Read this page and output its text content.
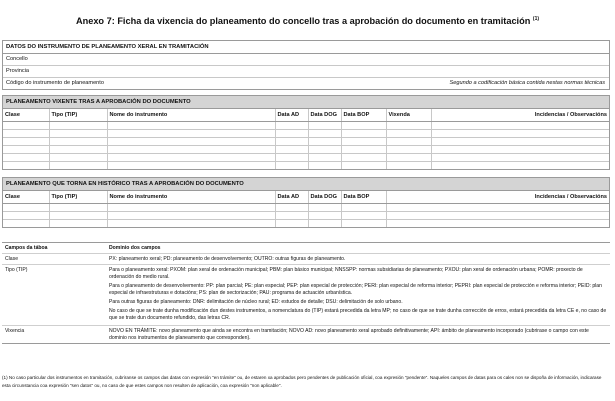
Anexo 7: Ficha da vixencia do planeamento do concello tras a aprobación do documento en tramitación $^{(1)}$
DATOS DO INSTRUMENTO DE PLANEAMENTO XERAL EN TRAMITACIÓN
Concello
Provincia
Código do instrumento de planeamento	Segundo a codificación básica contida nestas normas técnicas
PLANEAMENTO VIXENTE TRAS A APROBACIÓN DO DOCUMENTO
Clase	Tipo (TIP)	Nome do instrumento	Data AD	Data DOG	Data BOP	Vixenda	Incidencias / Observacións

PLANEAMENTO QUE TORNA EN HISTÓRICO TRAS A APROBACIÓN DO DOCUMENTO
Clase	Tipo (TIP)	Nome do instrumento	Data AD	Data DOG	Data BOP	Incidencias / Observacións

Campos da táboa	Dominio dos campos
Clase	PX: planeamento xeral; PD: planeamento de desenvolvemento; OUTRO: outras figuras de planeamento.
Tipo (TIP)	Para o planeamento xeral: PXOM: plan xeral de ordenación municipal; PBM: plan básico municipal; NNSSPP: normas subsidiarias de planeamento; PXOU: plan xeral de ordenación urbana; POMR: proxecto de ordenación do medio rural.

Para o planeamento de desenvolvemento: PP: plan parcial; PE: plan especial; PEP: plan especial de protección; PERI: plan especial de reforma interior; PEPRI: plan especial de protección e reforma interior; PEID: plan especial de infraestruturas e dotacións; PS: plan de sectorización; PAU: programa de actuación urbanística.

Para outras figuras de planeamento: DNR: delimitación de núcleo rural; ED: estudos de detalle; DSU: delimitación de solo urbano.

No caso de que se trate dunha modificación dun destes instrumentos, a nomenclatura do (TIP) estará precedida da letra MP; no caso de que se trate dunha corrección de erros, estará precedida da letra CE e, no caso de que se trate dun documento refundido, das letras CR.

Vixencia	NOVO EN TRÁMITE: novo planeamento que ainda se encontra en tramitación; NOVO AD: novo planeamento xeral aprobado definitivamente; API: ámbito de planeamento incorporado (cubrirase o campo con este dominio nos instrumentos de planeamento que corresponden).
(1) No caso particular dos instrumentos en tramitación, cubriranse os campos das datas con expresión "en trámite" ou, de estaren xa aprobados pero pendentes de publicación oficial, coa expresión "pendente". Naqueles campos de datas para os cales non se dispoña de información, indicarase esta circunstancia coa expresión "sen datos" ou, no caso de que estes campos non resulten de aplicación, coa expresión "non aplicable".
